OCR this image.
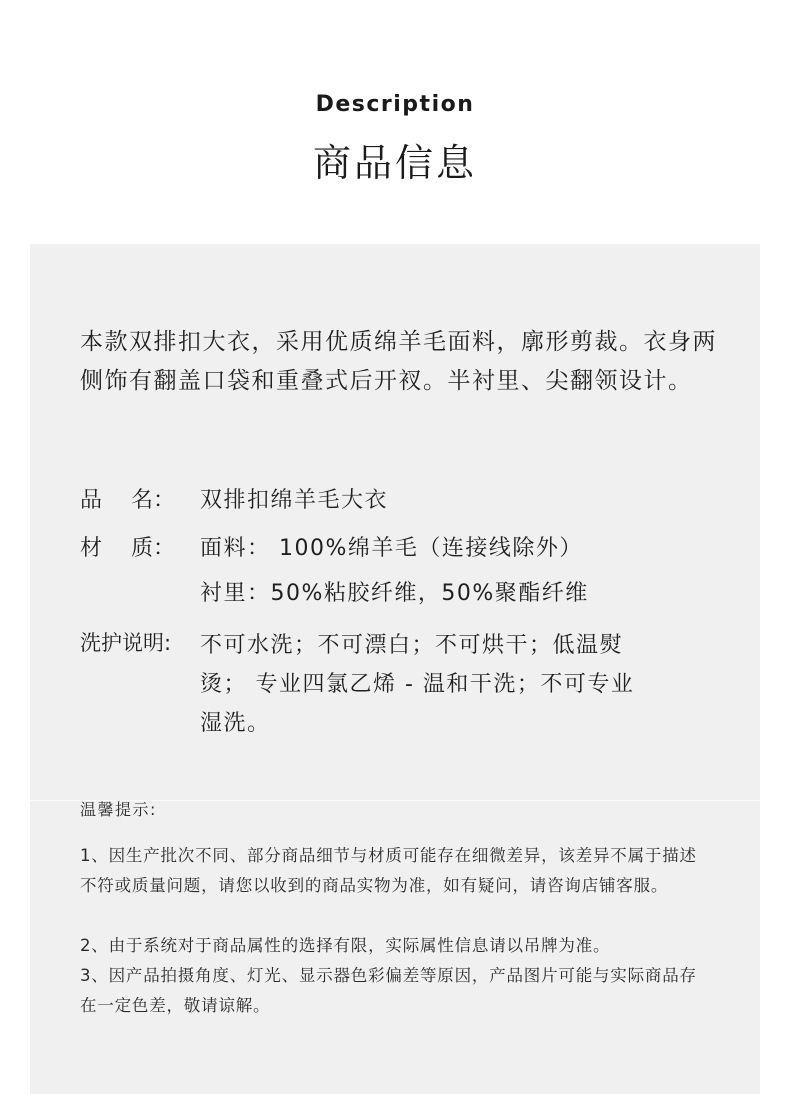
Description
商品信息
本款双排扣大衣，采用优质绵羊毛面料，廓形剪裁。衣身两侧饰有翻盖口袋和重叠式后开衩。半衬里、尖翻领设计。
品　 名：	双排扣绵羊毛大衣
材　 质：	面料： 100%绵羊毛（连接线除外）
衬里：50%粘胶纤维，50%聚酯纤维
洗护说明:	不可水洗；不可漂白；不可烘干；低温熨烫； 专业四氯乙烯 - 温和干洗；不可专业湿洗。
温馨提示:
1、因生产批次不同、部分商品细节与材质可能存在细微差异，该差异不属于描述不符或质量问题，请您以收到的商品实物为准，如有疑问，请咨询店铺客服。
2、由于系统对于商品属性的选择有限，实际属性信息请以吊牌为准。
3、因产品拍摄角度、灯光、显示器色彩偏差等原因，产品图片可能与实际商品存在一定色差，敬请谅解。
